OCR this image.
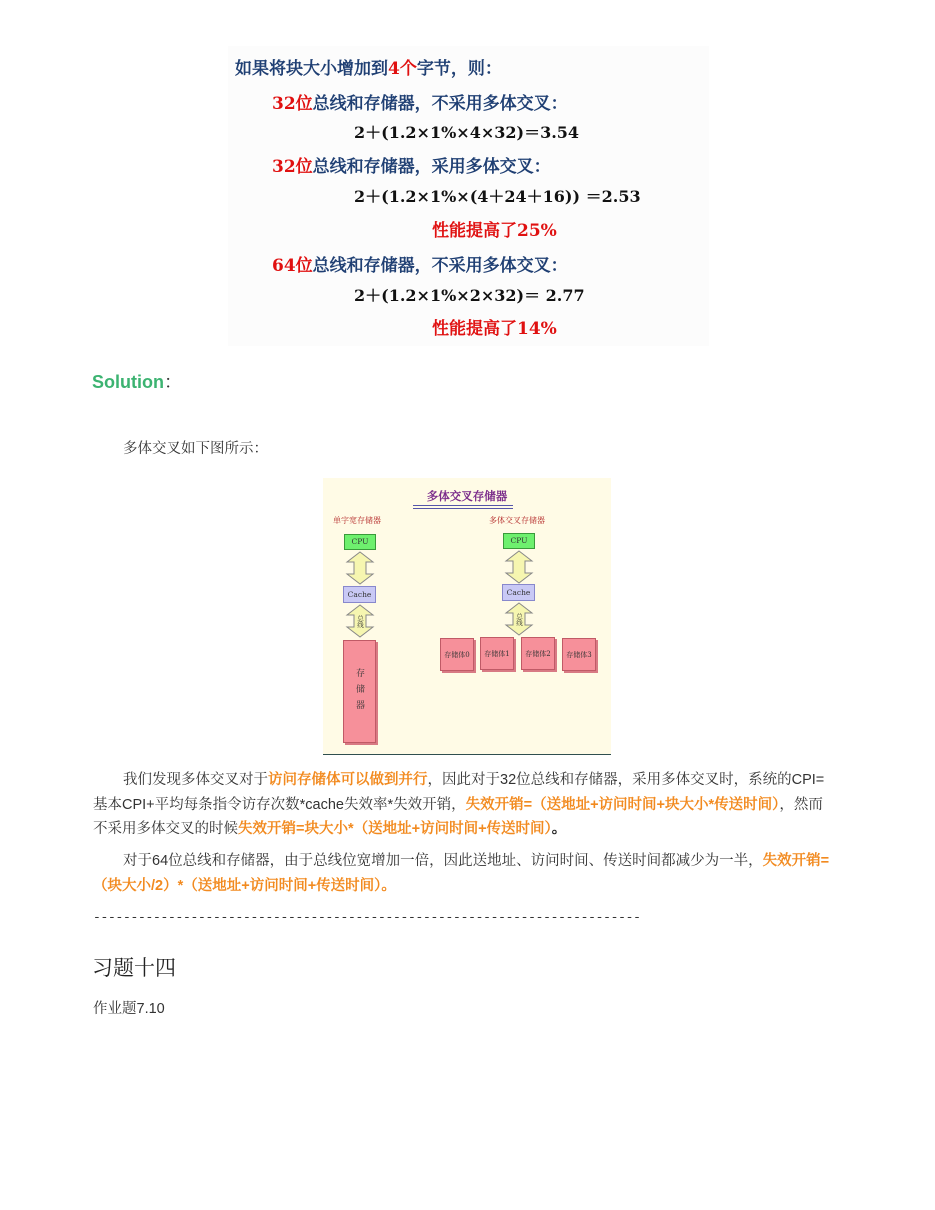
如果将块大小增加到4个字节，则：
32位总线和存储器，不采用多体交叉：
2＋(1.2×1%×4×32)＝3.54
32位总线和存储器，采用多体交叉：
2＋(1.2×1%×(4＋24＋16)) ＝2.53
性能提高了25%
64位总线和存储器，不采用多体交叉：
2＋(1.2×1%×2×32)＝ 2.77
性能提高了14%
Solution：
多体交叉如下图所示：
多体交叉存储器
单字宽存储器	多体交叉存储器
CPU
Cache
总线
存储器
CPU
Cache
总线
存储体0	存储体1	存储体2	存储体3
我们发现多体交叉对于访问存储体可以做到并行，因此对于32位总线和存储器，采用多体交叉时，系统的CPI=基本CPI+平均每条指令访存次数*cache失效率*失效开销，失效开销=（送地址+访问时间+块大小*传送时间），然而不采用多体交叉的时候失效开销=块大小*（送地址+访问时间+传送时间）。
对于64位总线和存储器，由于总线位宽增加一倍，因此送地址、访问时间、传送时间都减少为一半，失效开销=（块大小/2）*（送地址+访问时间+传送时间）。
-------------------------------------------------------------------------
习题十四
作业题7.10
